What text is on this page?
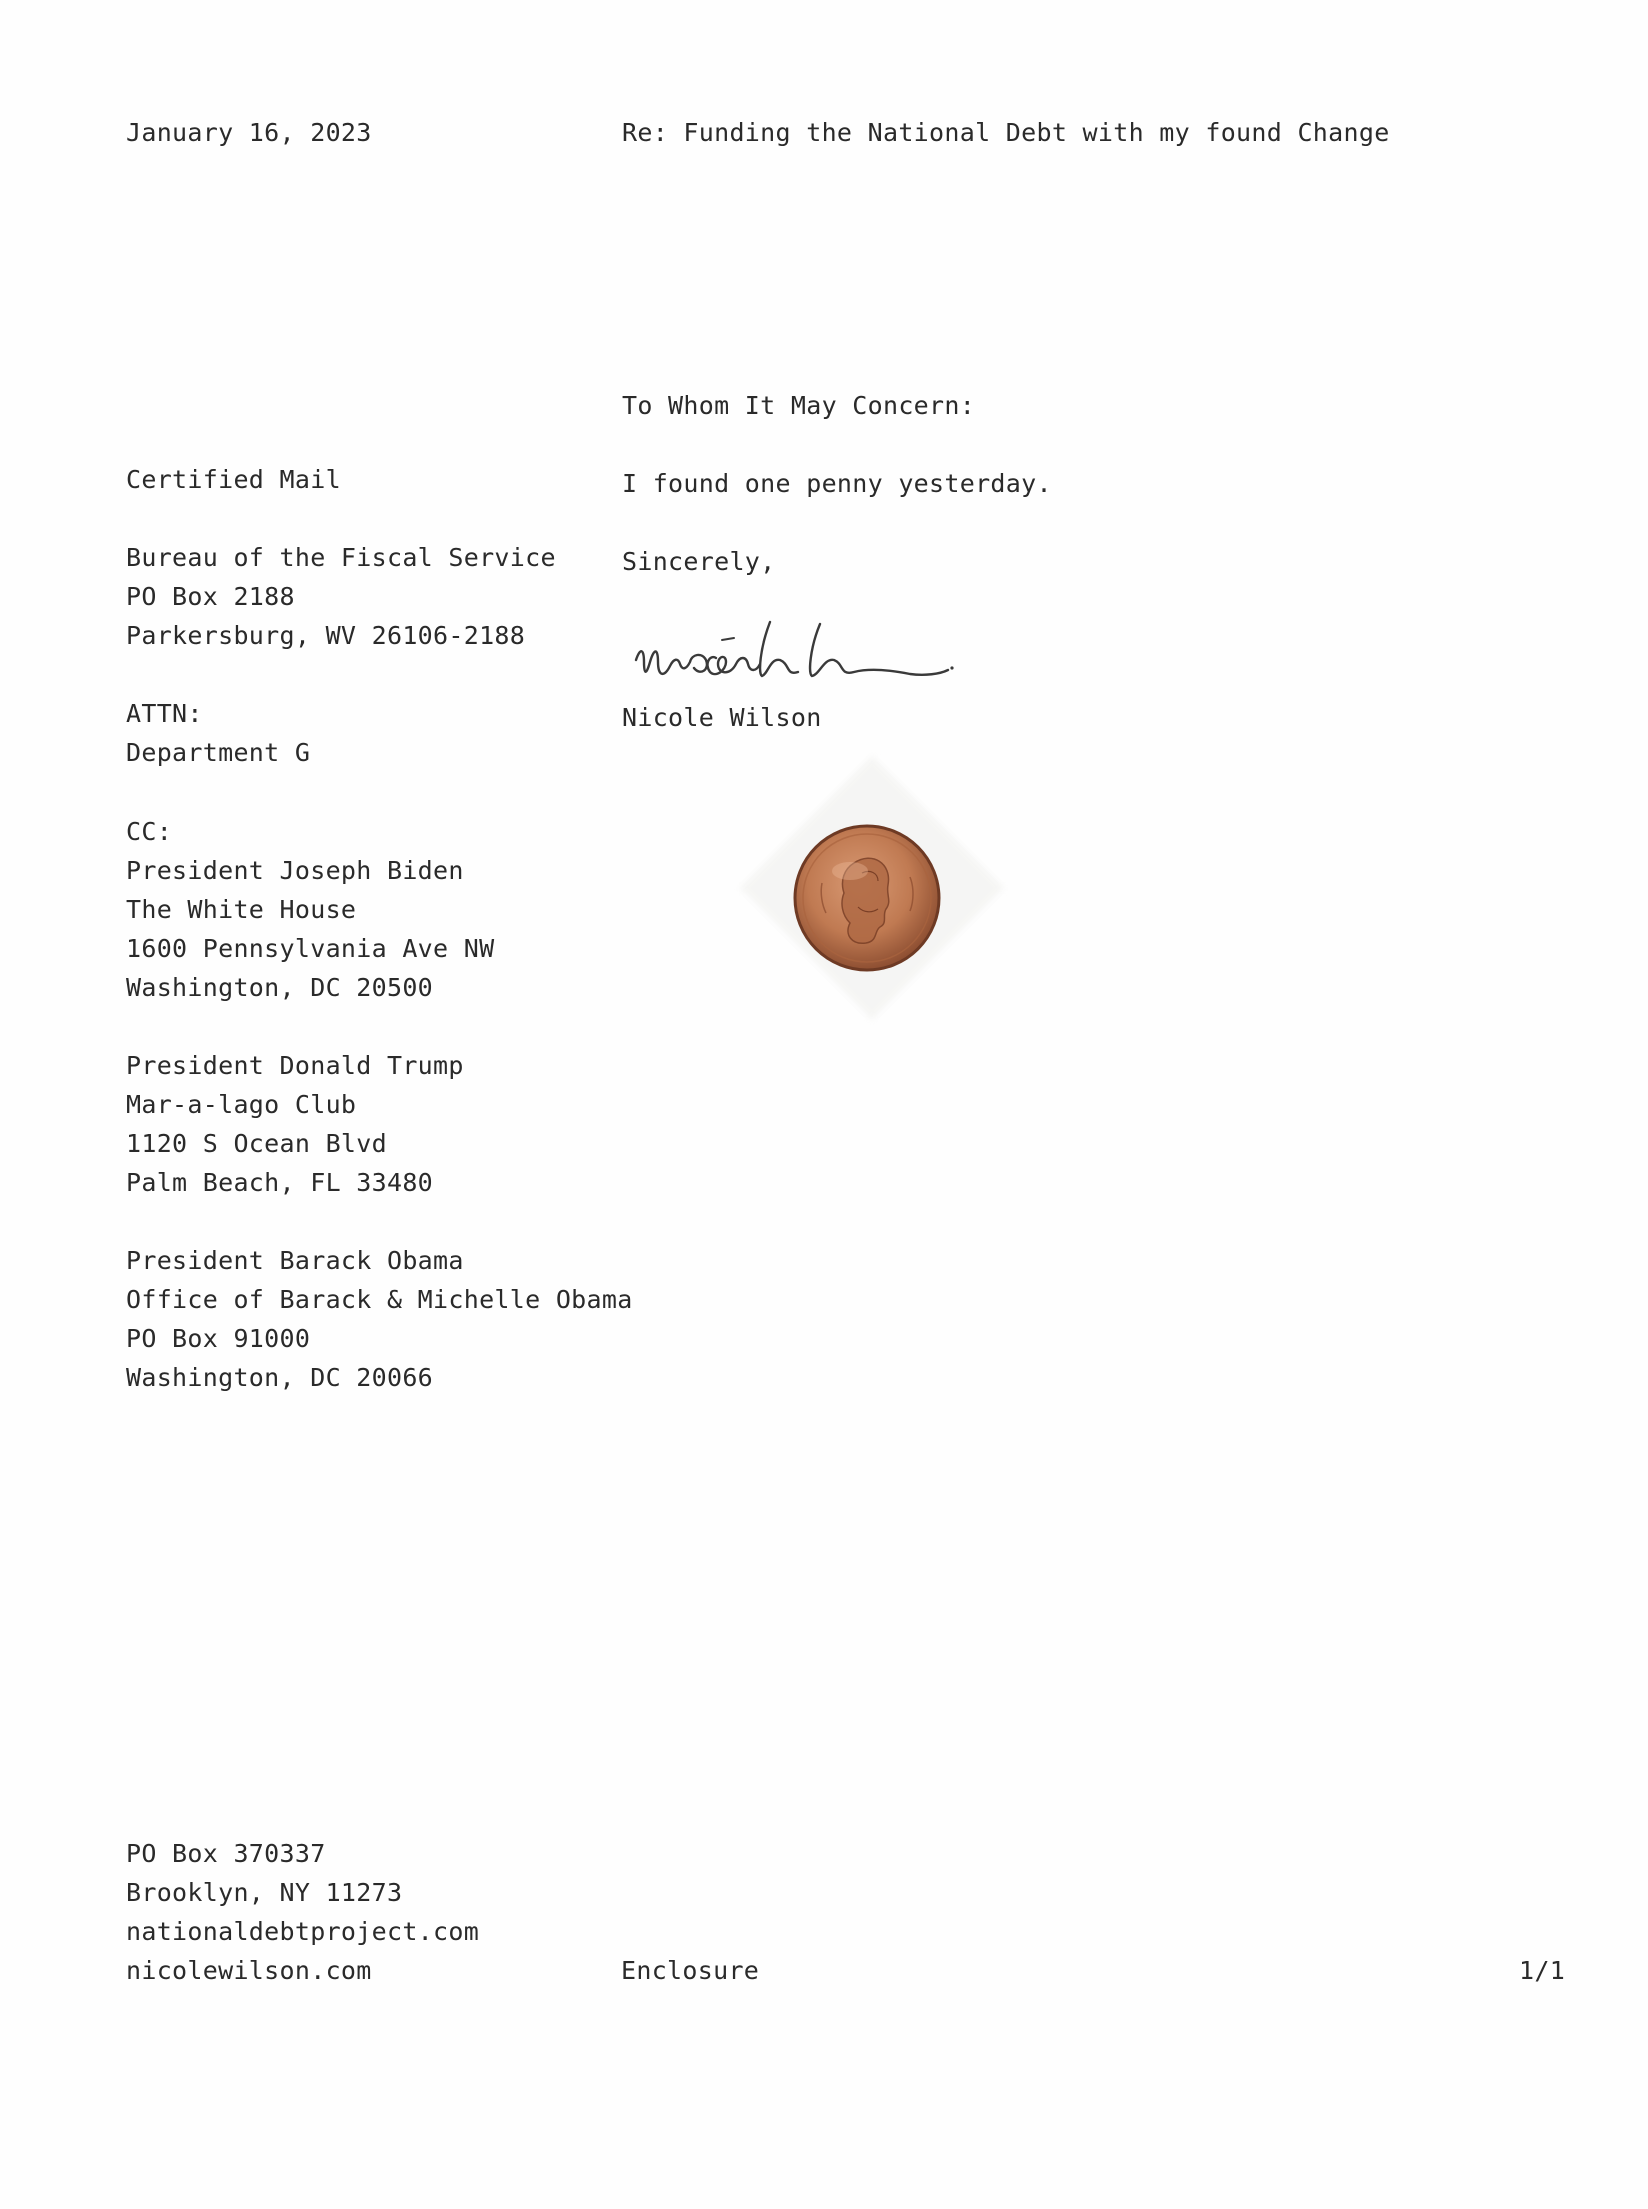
January 16, 2023	Re: Funding the National Debt with my found Change

To Whom It May Concern:

I found one penny yesterday.

Sincerely,

Nicole Wilson

Certified Mail
Bureau of the Fiscal Service
PO Box 2188
Parkersburg, WV 26106-2188
ATTN:
Department G
CC:
President Joseph Biden
The White House
1600 Pennsylvania Ave NW
Washington, DC 20500
President Donald Trump
Mar-a-lago Club
1120 S Ocean Blvd
Palm Beach, FL 33480
President Barack Obama
Office of Barack & Michelle Obama
PO Box 91000
Washington, DC 20066
PO Box 370337
Brooklyn, NY 11273
nationaldebtproject.com
nicolewilson.com	Enclosure	1/1
